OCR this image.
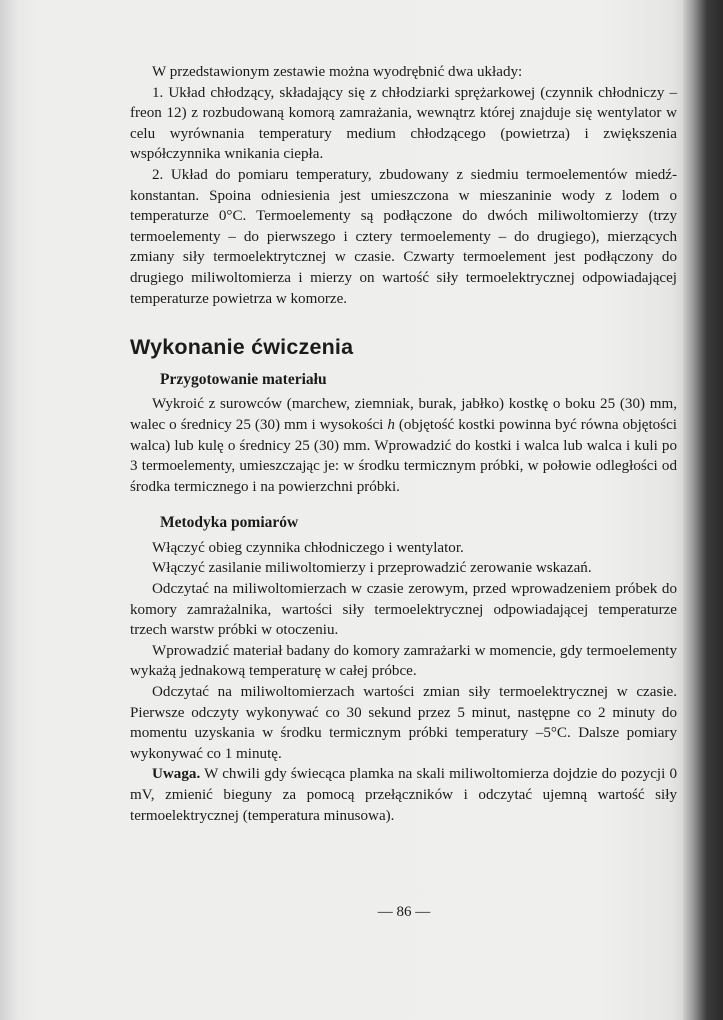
W przedstawionym zestawie można wyodrębnić dwa układy:

1. Układ chłodzący, składający się z chłodziarki sprężarkowej (czynnik chłodniczy – freon 12) z rozbudowaną komorą zamrażania, wewnątrz której znajduje się wentylator w celu wyrównania temperatury medium chłodzącego (powietrza) i zwiększenia współczynnika wnikania ciepła.

2. Układ do pomiaru temperatury, zbudowany z siedmiu termoelementów miedź-konstantan. Spoina odniesienia jest umieszczona w mieszaninie wody z lodem o temperaturze 0°C. Termoelementy są podłączone do dwóch miliwoltomierzy (trzy termoelementy – do pierwszego i cztery termoelementy – do drugiego), mierzących zmiany siły termoelektrytcznej w czasie. Czwarty termoelement jest podłączony do drugiego miliwoltomierza i mierzy on wartość siły termoelektrycznej odpowiadającej temperaturze powietrza w komorze.

Wykonanie ćwiczenia
Przygotowanie materiału

Wykroić z surowców (marchew, ziemniak, burak, jabłko) kostkę o boku 25 (30) mm, walec o średnicy 25 (30) mm i wysokości h (objętość kostki powinna być równa objętości walca) lub kulę o średnicy 25 (30) mm. Wprowadzić do kostki i walca lub walca i kuli po 3 termoelementy, umieszczając je: w środku termicznym próbki, w połowie odległości od środka termicznego i na powierzchni próbki.

Metodyka pomiarów

Włączyć obieg czynnika chłodniczego i wentylator.

Włączyć zasilanie miliwoltomierzy i przeprowadzić zerowanie wskazań.

Odczytać na miliwoltomierzach w czasie zerowym, przed wprowadzeniem próbek do komory zamrażalnika, wartości siły termoelektrycznej odpowiadającej temperaturze trzech warstw próbki w otoczeniu.

Wprowadzić materiał badany do komory zamrażarki w momencie, gdy termoelementy wykażą jednakową temperaturę w całej próbce.

Odczytać na miliwoltomierzach wartości zmian siły termoelektrycznej w czasie. Pierwsze odczyty wykonywać co 30 sekund przez 5 minut, następne co 2 minuty do momentu uzyskania w środku termicznym próbki temperatury –5°C. Dalsze pomiary wykonywać co 1 minutę.

Uwaga. W chwili gdy świecąca plamka na skali miliwoltomierza dojdzie do pozycji 0 mV, zmienić bieguny za pomocą przełączników i odczytać ujemną wartość siły termoelektrycznej (temperatura minusowa).

— 86 —
